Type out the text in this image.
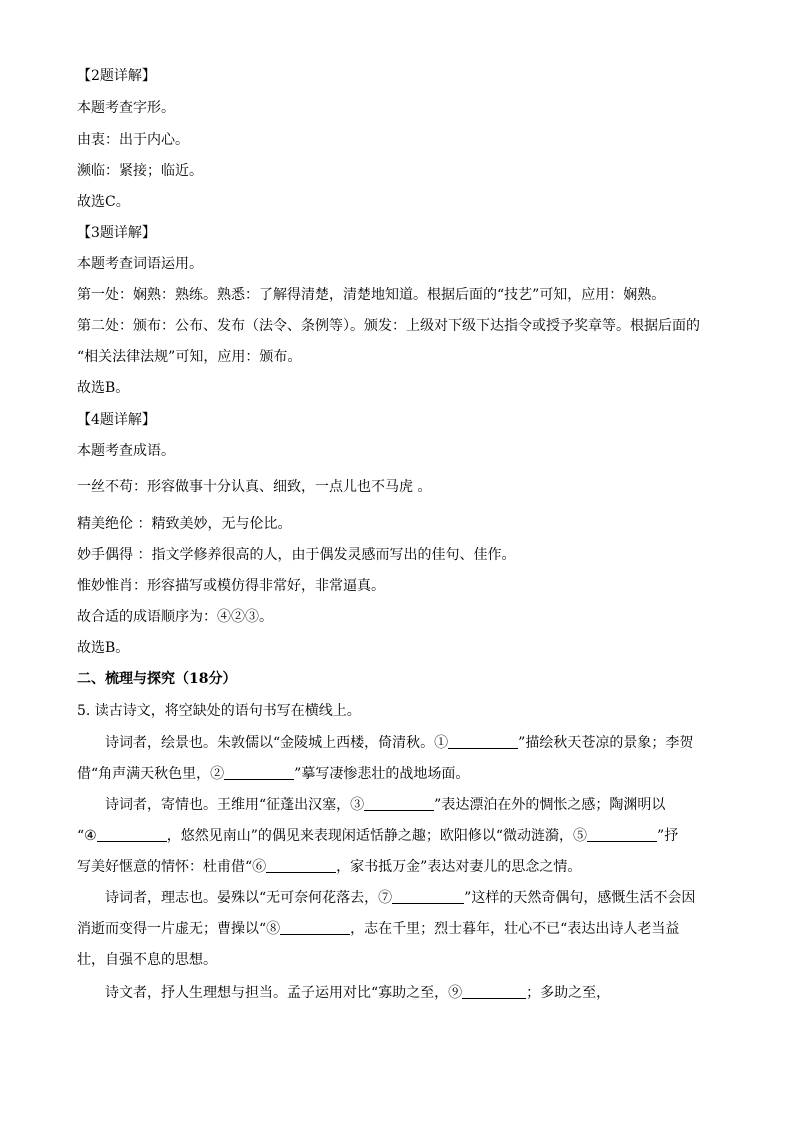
【2题详解】
本题考查字形。
由衷：出于内心。
濒临：紧接；临近。
故选C。
【3题详解】
本题考查词语运用。
第一处：娴熟：熟练。熟悉：了解得清楚，清楚地知道。根据后面的“技艺”可知，应用：娴熟。
第二处：颁布：公布、发布（法令、条例等）。颁发：上级对下级下达指令或授予奖章等。根据后面的
“相关法律法规”可知，应用：颁布。
故选B。
【4题详解】
本题考查成语。
一丝不苟：形容做事十分认真、细致，一点儿也不马虎 。
精美绝伦 ：精致美妙，无与伦比。
妙手偶得 ：指文学修养很高的人，由于偶发灵感而写出的佳句、佳作。
惟妙惟肖：形容描写或模仿得非常好，非常逼真。
故合适的成语顺序为：④②③。
故选B。
二、梳理与探究（18分）
5. 读古诗文，将空缺处的语句书写在横线上。
诗词者，绘景也。朱敦儒以“金陵城上西楼，倚清秋。①	”描绘秋天苍凉的景象；李贺
借“角声满天秋色里，②	”摹写凄惨悲壮的战地场面。
诗词者，寄情也。王维用“征蓬出汉塞，③	”表达漂泊在外的惆怅之感；陶渊明以
“④	，悠然见南山”的偶见来表现闲适恬静之趣；欧阳修以“微动涟漪，⑤	”抒
写美好惬意的情怀：杜甫借“⑥	，家书抵万金”表达对妻儿的思念之情。
诗词者，理志也。晏殊以“无可奈何花落去，⑦	”这样的天然奇偶句，感慨生活不会因
消逝而变得一片虚无；曹操以“⑧	，志在千里；烈士暮年，壮心不已“表达出诗人老当益
壮，自强不息的思想。
诗文者，抒人生理想与担当。孟子运用对比“寡助之至，⑨	；多助之至，
